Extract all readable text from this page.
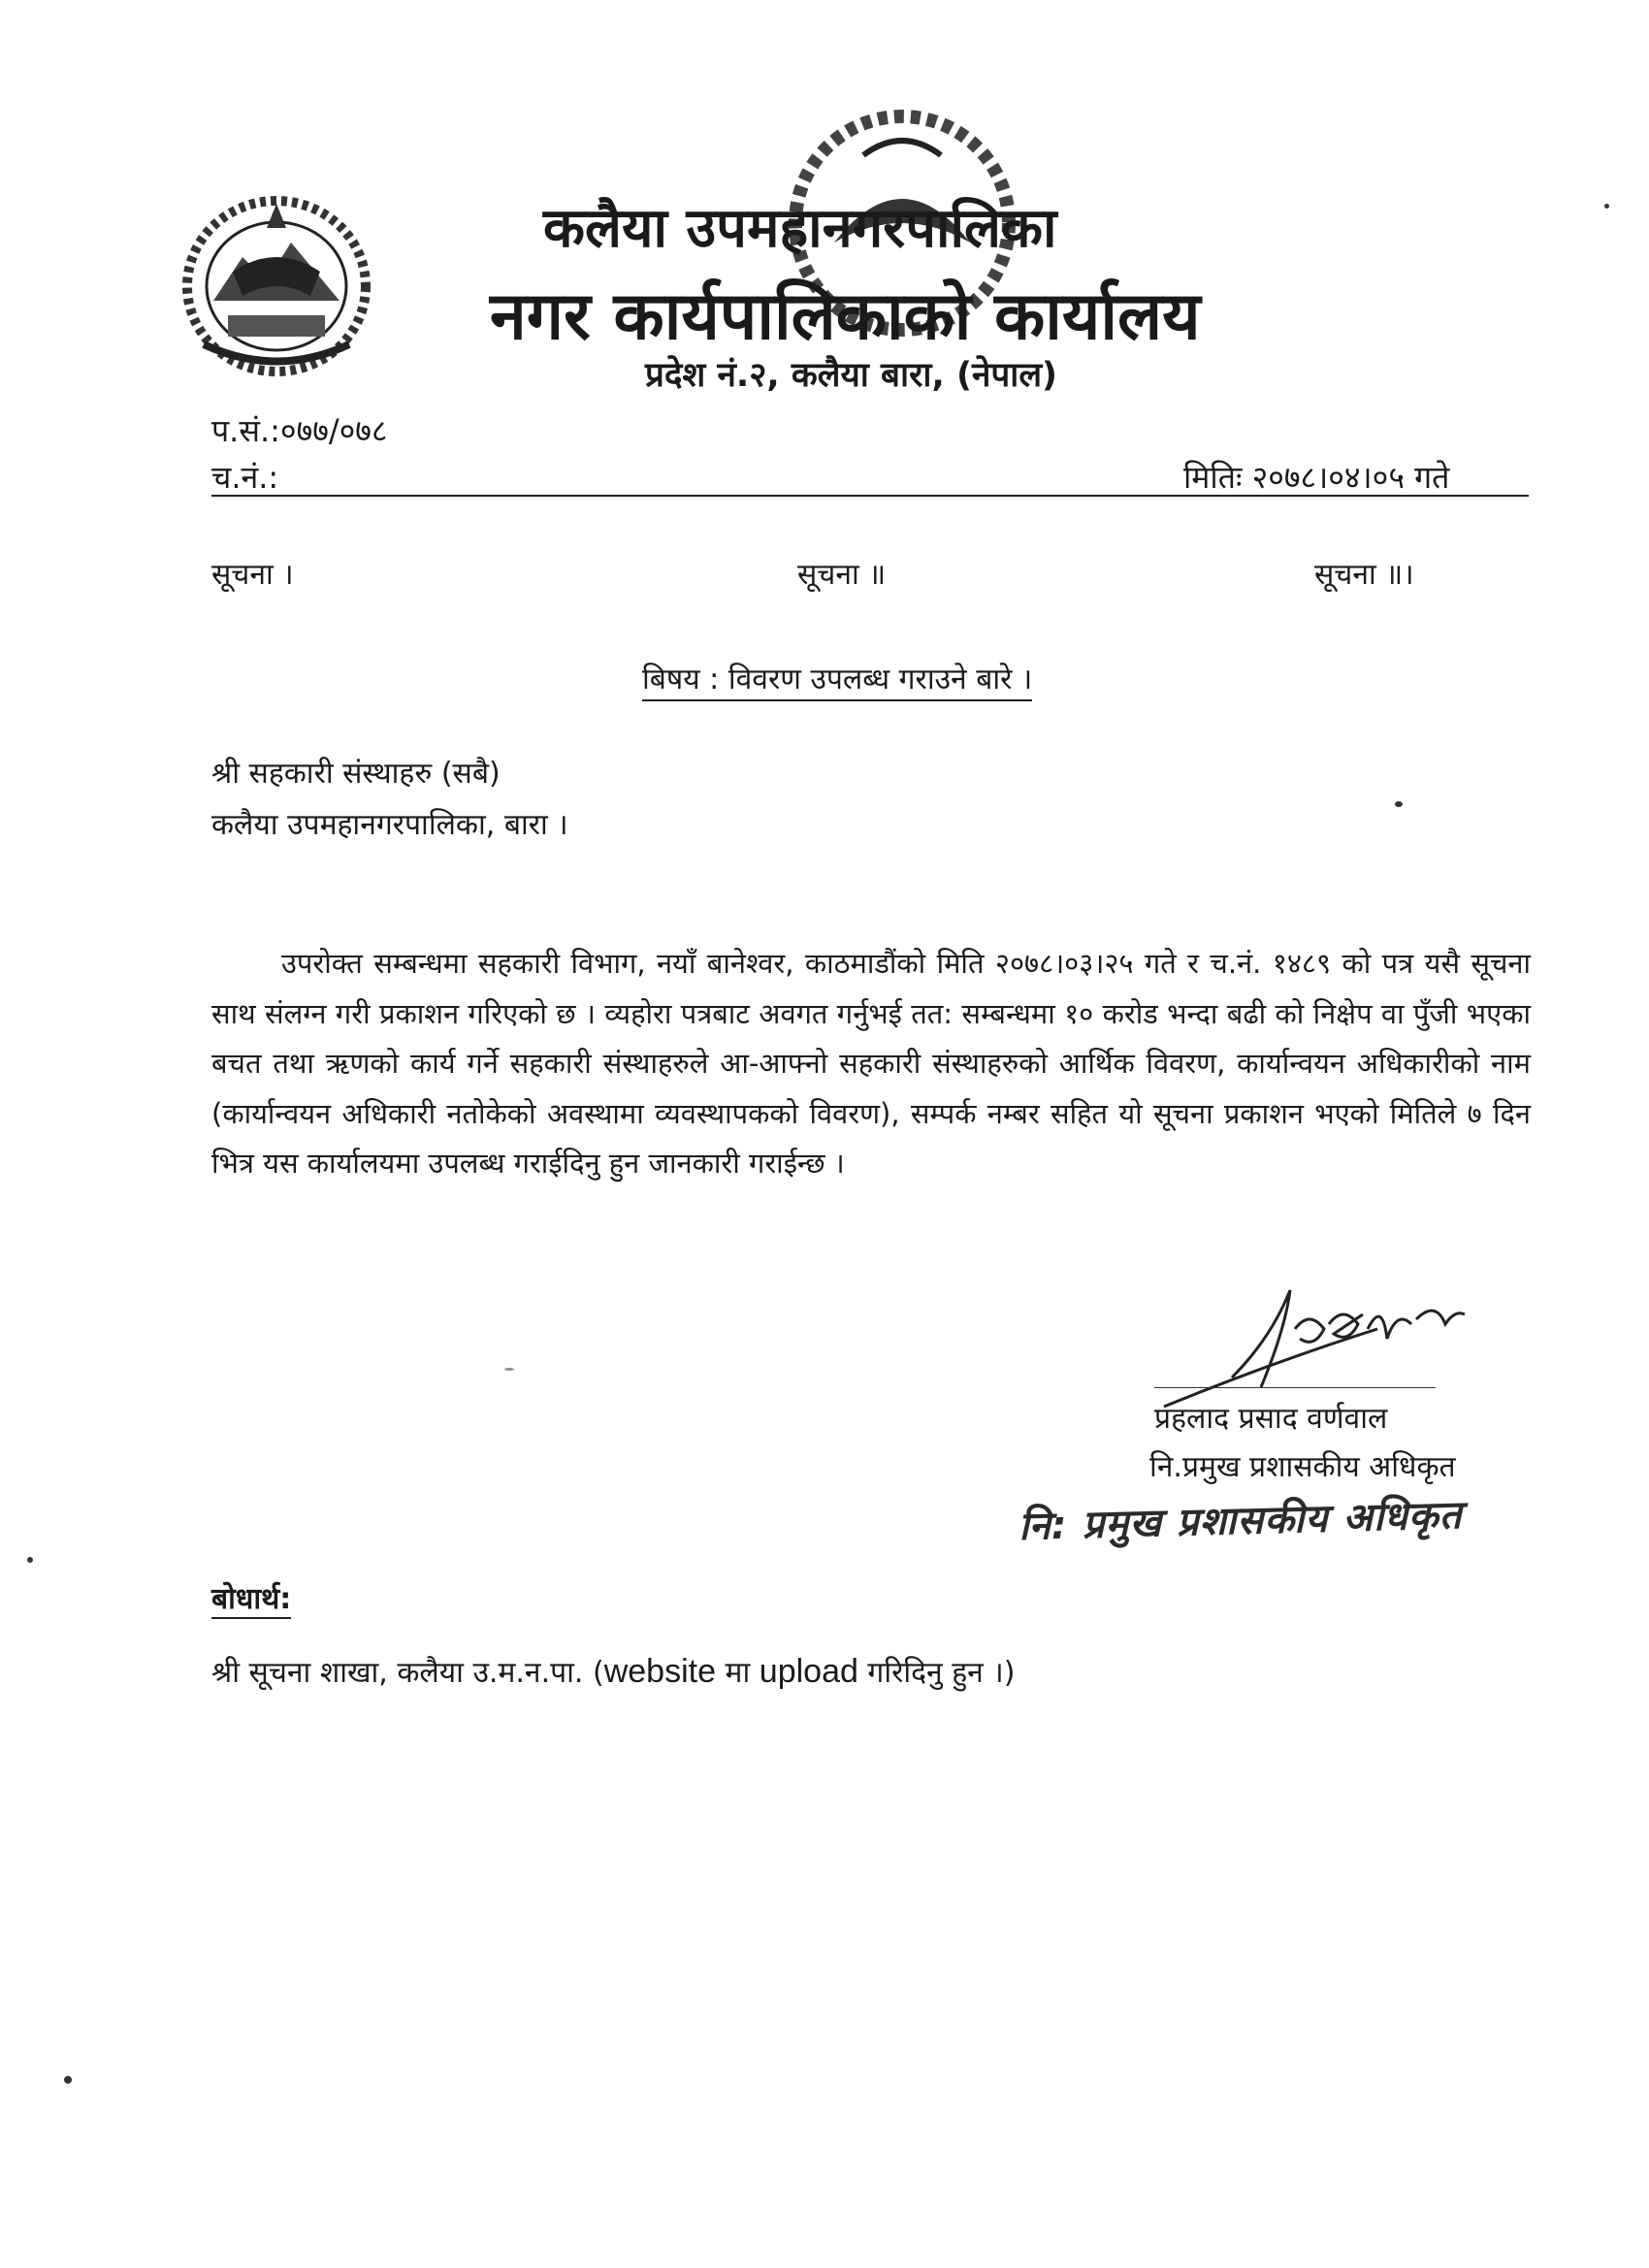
कलैया उपमहानगरपालिका
नगर कार्यपालिकाको कार्यालय
प्रदेश नं.२, कलैया बारा, (नेपाल)
प.सं.:०७७/०७८
च.नं.:	मितिः २०७८।०४।०५ गते
सूचना ।	सूचना ॥	सूचना ॥।
बिषय : विवरण उपलब्ध गराउने बारे ।
श्री सहकारी संस्थाहरु (सबै)
कलैया उपमहानगरपालिका, बारा ।
उपरोक्त सम्बन्धमा सहकारी विभाग, नयाँ बानेश्वर, काठमाडौंको मिति २०७८।०३।२५ गते र च.नं. १४८९ को पत्र यसै सूचना साथ संलग्न गरी प्रकाशन गरिएको छ । व्यहोरा पत्रबाट अवगत गर्नुभई तत: सम्बन्धमा १० करोड भन्दा बढी को निक्षेप वा पुँजी भएका बचत तथा ऋणको कार्य गर्ने सहकारी संस्थाहरुले आ-आफ्नो सहकारी संस्थाहरुको आर्थिक विवरण, कार्यान्वयन अधिकारीको नाम (कार्यान्वयन अधिकारी नतोकेको अवस्थामा व्यवस्थापकको विवरण), सम्पर्क नम्बर सहित यो सूचना प्रकाशन भएको मितिले ७ दिन भित्र यस कार्यालयमा उपलब्ध गराईदिनु हुन जानकारी गराईन्छ ।
प्रहलाद प्रसाद वर्णवाल
नि.प्रमुख प्रशासकीय अधिकृत
नि: प्रमुख प्रशासकीय अधिकृत
बोधार्थ:
श्री सूचना शाखा, कलैया उ.म.न.पा. (website मा upload गरिदिनु हुन ।)
